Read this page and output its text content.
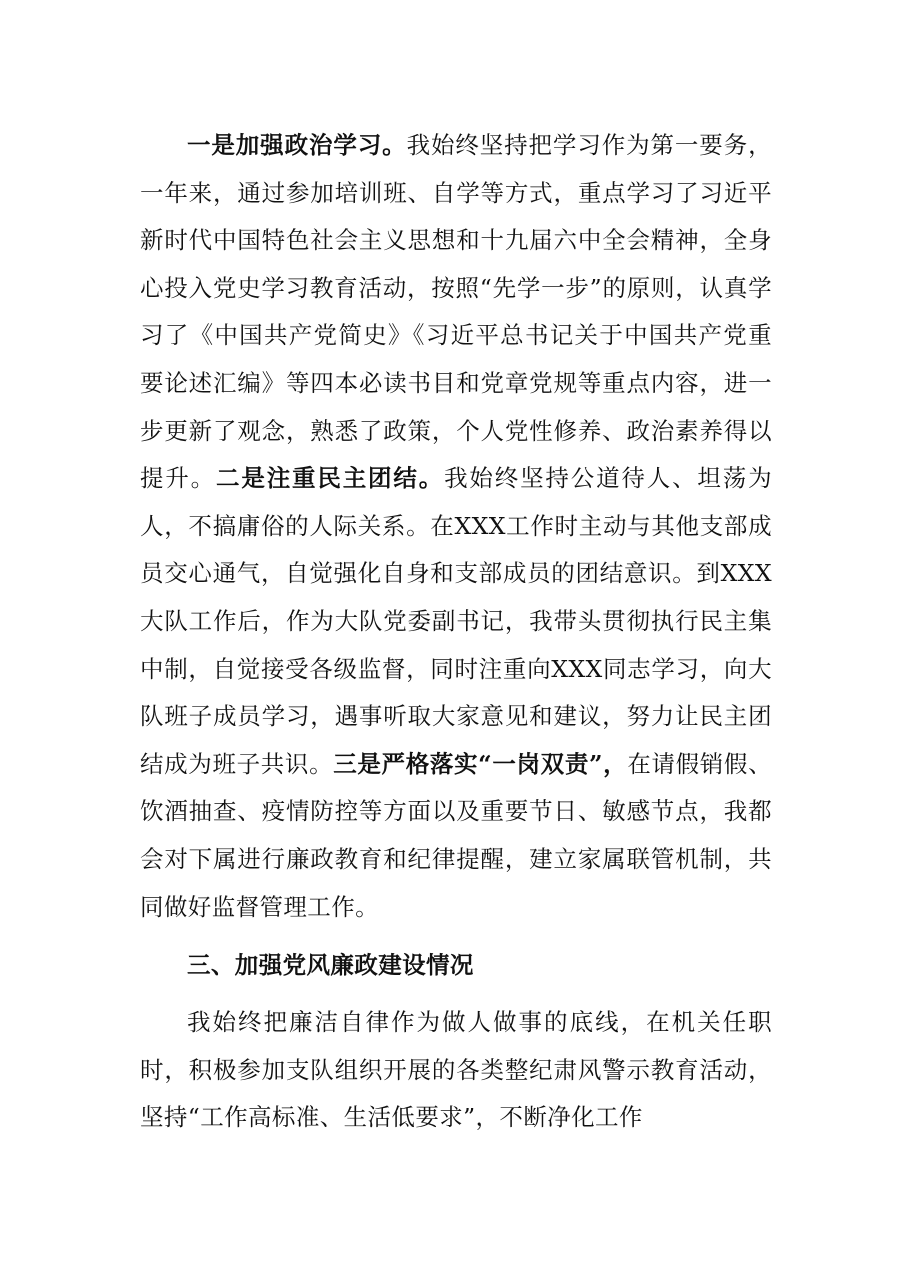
一是加强政治学习。我始终坚持把学习作为第一要务，一年来，通过参加培训班、自学等方式，重点学习了习近平新时代中国特色社会主义思想和十九届六中全会精神，全身心投入党史学习教育活动，按照“先学一步”的原则，认真学习了《中国共产党简史》《习近平总书记关于中国共产党重要论述汇编》等四本必读书目和党章党规等重点内容，进一步更新了观念，熟悉了政策，个人党性修养、政治素养得以提升。二是注重民主团结。我始终坚持公道待人、坦荡为人，不搞庸俗的人际关系。在XXX工作时主动与其他支部成员交心通气，自觉强化自身和支部成员的团结意识。到XXX大队工作后，作为大队党委副书记，我带头贯彻执行民主集中制，自觉接受各级监督，同时注重向XXX同志学习，向大队班子成员学习，遇事听取大家意见和建议，努力让民主团结成为班子共识。三是严格落实“一岗双责”，在请假销假、饮酒抽查、疫情防控等方面以及重要节日、敏感节点，我都会对下属进行廉政教育和纪律提醒，建立家属联管机制，共同做好监督管理工作。

三、加强党风廉政建设情况

我始终把廉洁自律作为做人做事的底线，在机关任职时，积极参加支队组织开展的各类整纪肃风警示教育活动，坚持“工作高标准、生活低要求”，不断净化工作
